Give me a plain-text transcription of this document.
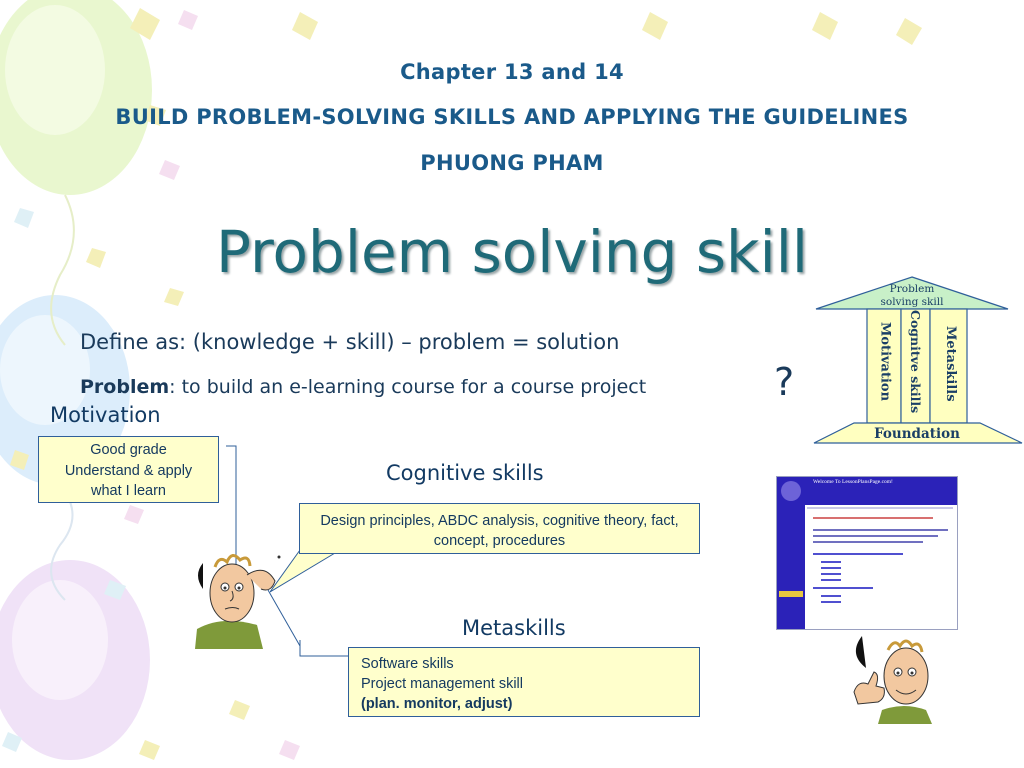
Chapter 13 and 14
BUILD PROBLEM-SOLVING SKILLS AND APPLYING THE GUIDELINES
PHUONG PHAM
Problem solving skill
Define as: (knowledge + skill) – problem = solution
Problem: to build an e-learning course for a course project	?
Motivation
Good grade
Understand & apply
what I learn
Cognitive skills
Design principles, ABDC analysis, cognitive theory, fact, concept, procedures
Metaskills
Software skills
Project management skill
(plan. monitor, adjust)
Problem
solving skill
Motivation	Cognitve skills	Metaskills
Foundation
Welcome To LessonPlansPage.com!
